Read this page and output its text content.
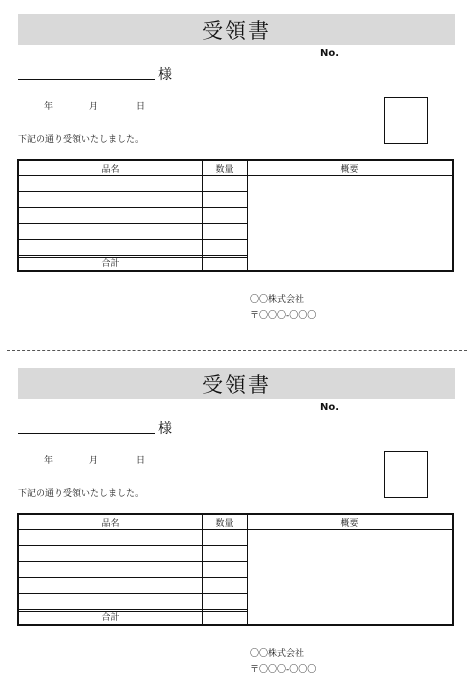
受領書
No.
様
年	月	日
下記の通り受領いたしました。
品名	数量	概要
合計
〇〇株式会社
〒〇〇〇-〇〇〇
受領書
No.
様
年	月	日
下記の通り受領いたしました。
品名	数量	概要
合計
〇〇株式会社
〒〇〇〇-〇〇〇
